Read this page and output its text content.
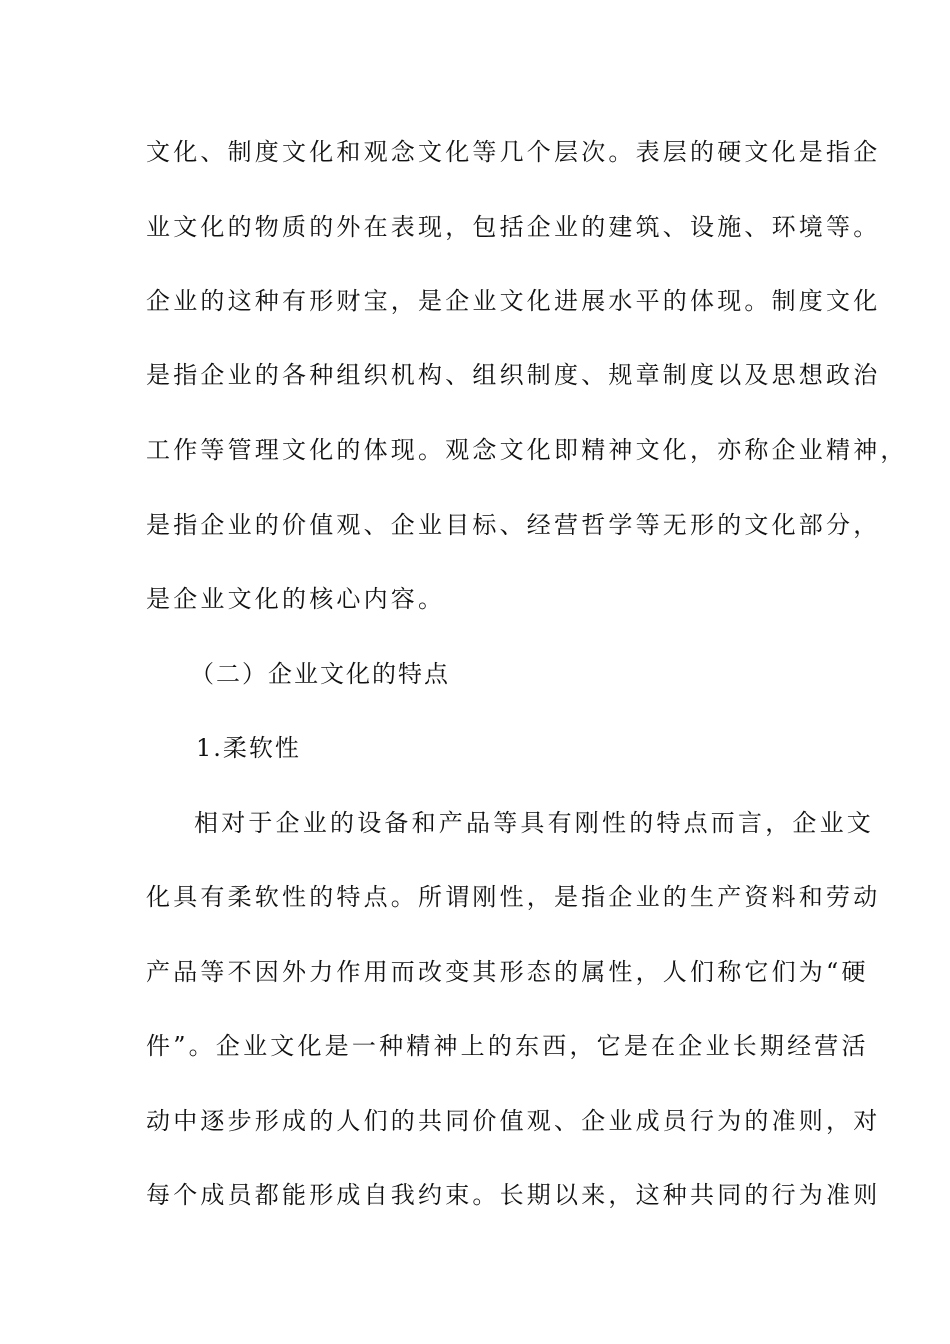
文化、制度文化和观念文化等几个层次。表层的硬文化是指企
业文化的物质的外在表现，包括企业的建筑、设施、环境等。
企业的这种有形财宝，是企业文化进展水平的体现。制度文化
是指企业的各种组织机构、组织制度、规章制度以及思想政治
工作等管理文化的体现。观念文化即精神文化，亦称企业精神，
是指企业的价值观、企业目标、经营哲学等无形的文化部分，
是企业文化的核心内容。
（二）企业文化的特点
1.柔软性
相对于企业的设备和产品等具有刚性的特点而言，企业文
化具有柔软性的特点。所谓刚性，是指企业的生产资料和劳动
产品等不因外力作用而改变其形态的属性，人们称它们为“硬
件”。企业文化是一种精神上的东西，它是在企业长期经营活
动中逐步形成的人们的共同价值观、企业成员行为的准则，对
每个成员都能形成自我约束。长期以来，这种共同的行为准则
